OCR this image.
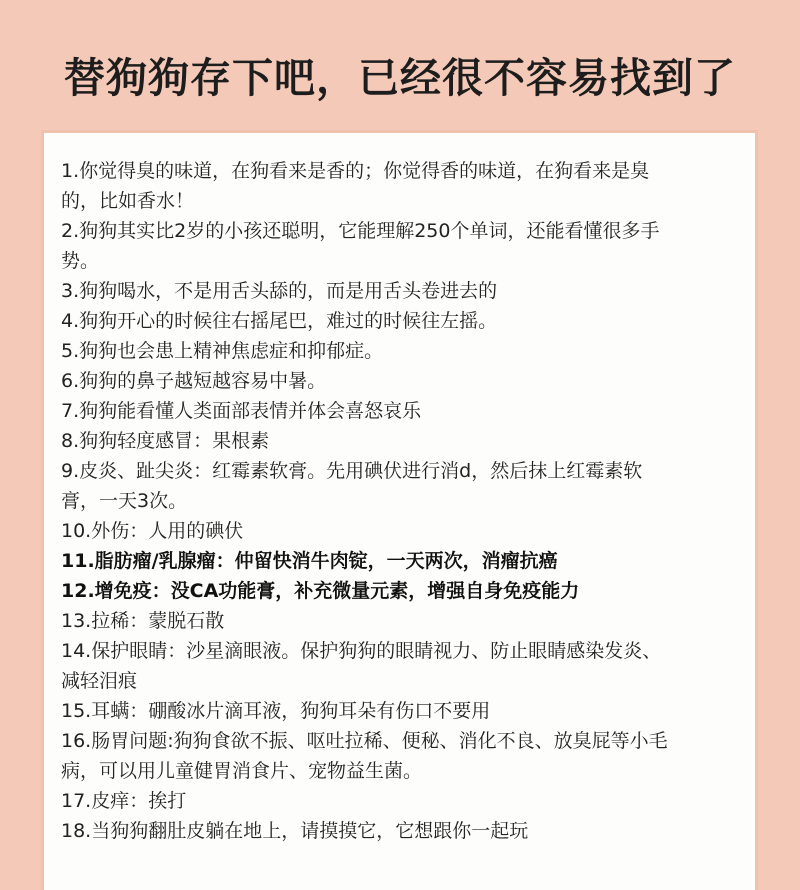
替狗狗存下吧，已经很不容易找到了
1.你觉得臭的味道，在狗看来是香的；你觉得香的味道，在狗看来是臭
的，比如香水！
2.狗狗其实比2岁的小孩还聪明，它能理解250个单词，还能看懂很多手
势。
3.狗狗喝水，不是用舌头舔的，而是用舌头卷进去的
4.狗狗开心的时候往右摇尾巴，难过的时候往左摇。
5.狗狗也会患上精神焦虑症和抑郁症。
6.狗狗的鼻子越短越容易中暑。
7.狗狗能看懂人类面部表情并体会喜怒哀乐
8.狗狗轻度感冒：果根素
9.皮炎、趾尖炎：红霉素软膏。先用碘伏进行消d，然后抹上红霉素软
膏，一天3次。
10.外伤：人用的碘伏
11.脂肪瘤/乳腺瘤：仲留快消牛肉锭，一天两次，消瘤抗癌
12.增免疫：没CA功能膏，补充微量元素，增强自身免疫能力
13.拉稀：蒙脱石散
14.保护眼睛：沙星滴眼液。保护狗狗的眼睛视力、防止眼睛感染发炎、
减轻泪痕
15.耳螨：硼酸冰片滴耳液，狗狗耳朵有伤口不要用
16.肠胃问题:狗狗食欲不振、呕吐拉稀、便秘、消化不良、放臭屁等小毛
病，可以用儿童健胃消食片、宠物益生菌。
17.皮痒：挨打
18.当狗狗翻肚皮躺在地上，请摸摸它，它想跟你一起玩
